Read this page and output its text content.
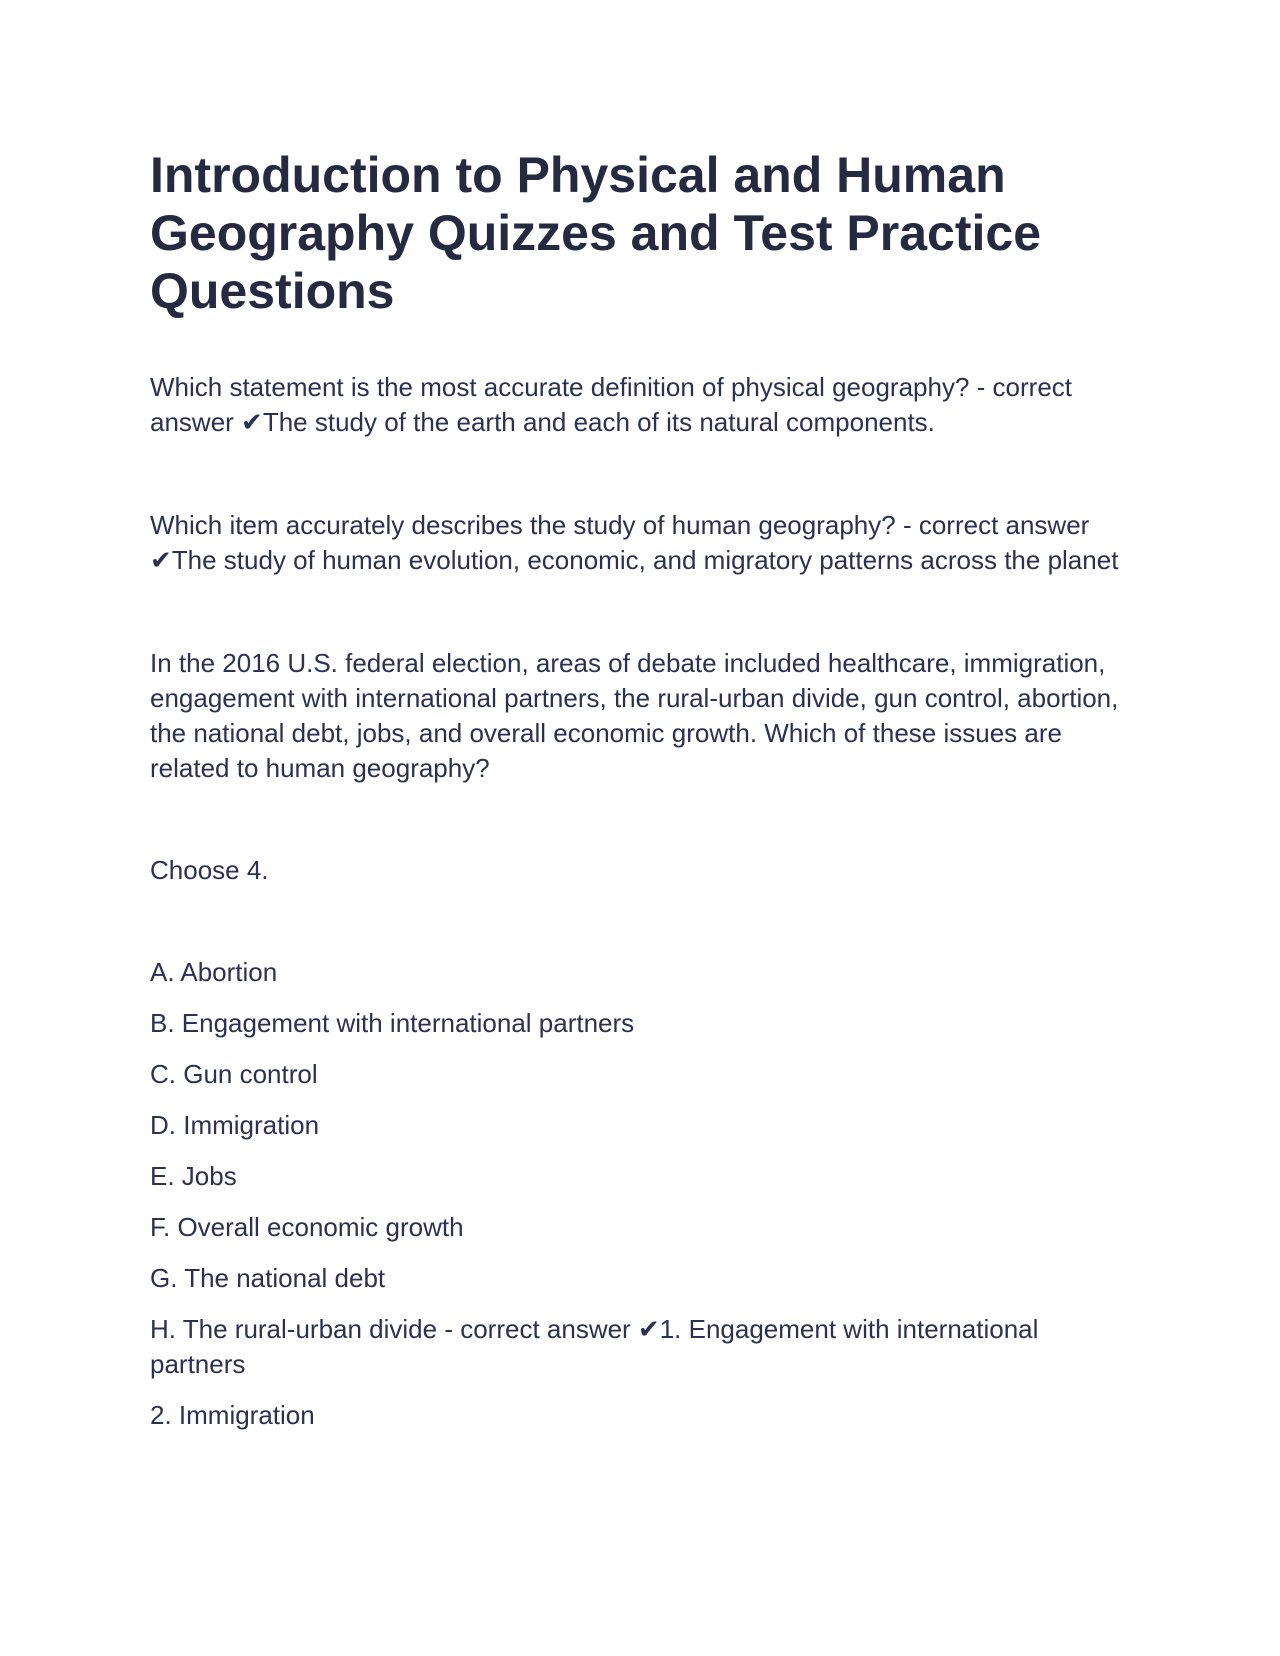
Introduction to Physical and Human Geography Quizzes and Test Practice Questions

Which statement is the most accurate definition of physical geography? - correct answer ✔The study of the earth and each of its natural components.

Which item accurately describes the study of human geography? - correct answer ✔The study of human evolution, economic, and migratory patterns across the planet

In the 2016 U.S. federal election, areas of debate included healthcare, immigration, engagement with international partners, the rural-urban divide, gun control, abortion, the national debt, jobs, and overall economic growth. Which of these issues are related to human geography?

Choose 4.

A. Abortion

B. Engagement with international partners

C. Gun control

D. Immigration

E. Jobs

F. Overall economic growth

G. The national debt

H. The rural-urban divide - correct answer ✔1. Engagement with international partners

2. Immigration
